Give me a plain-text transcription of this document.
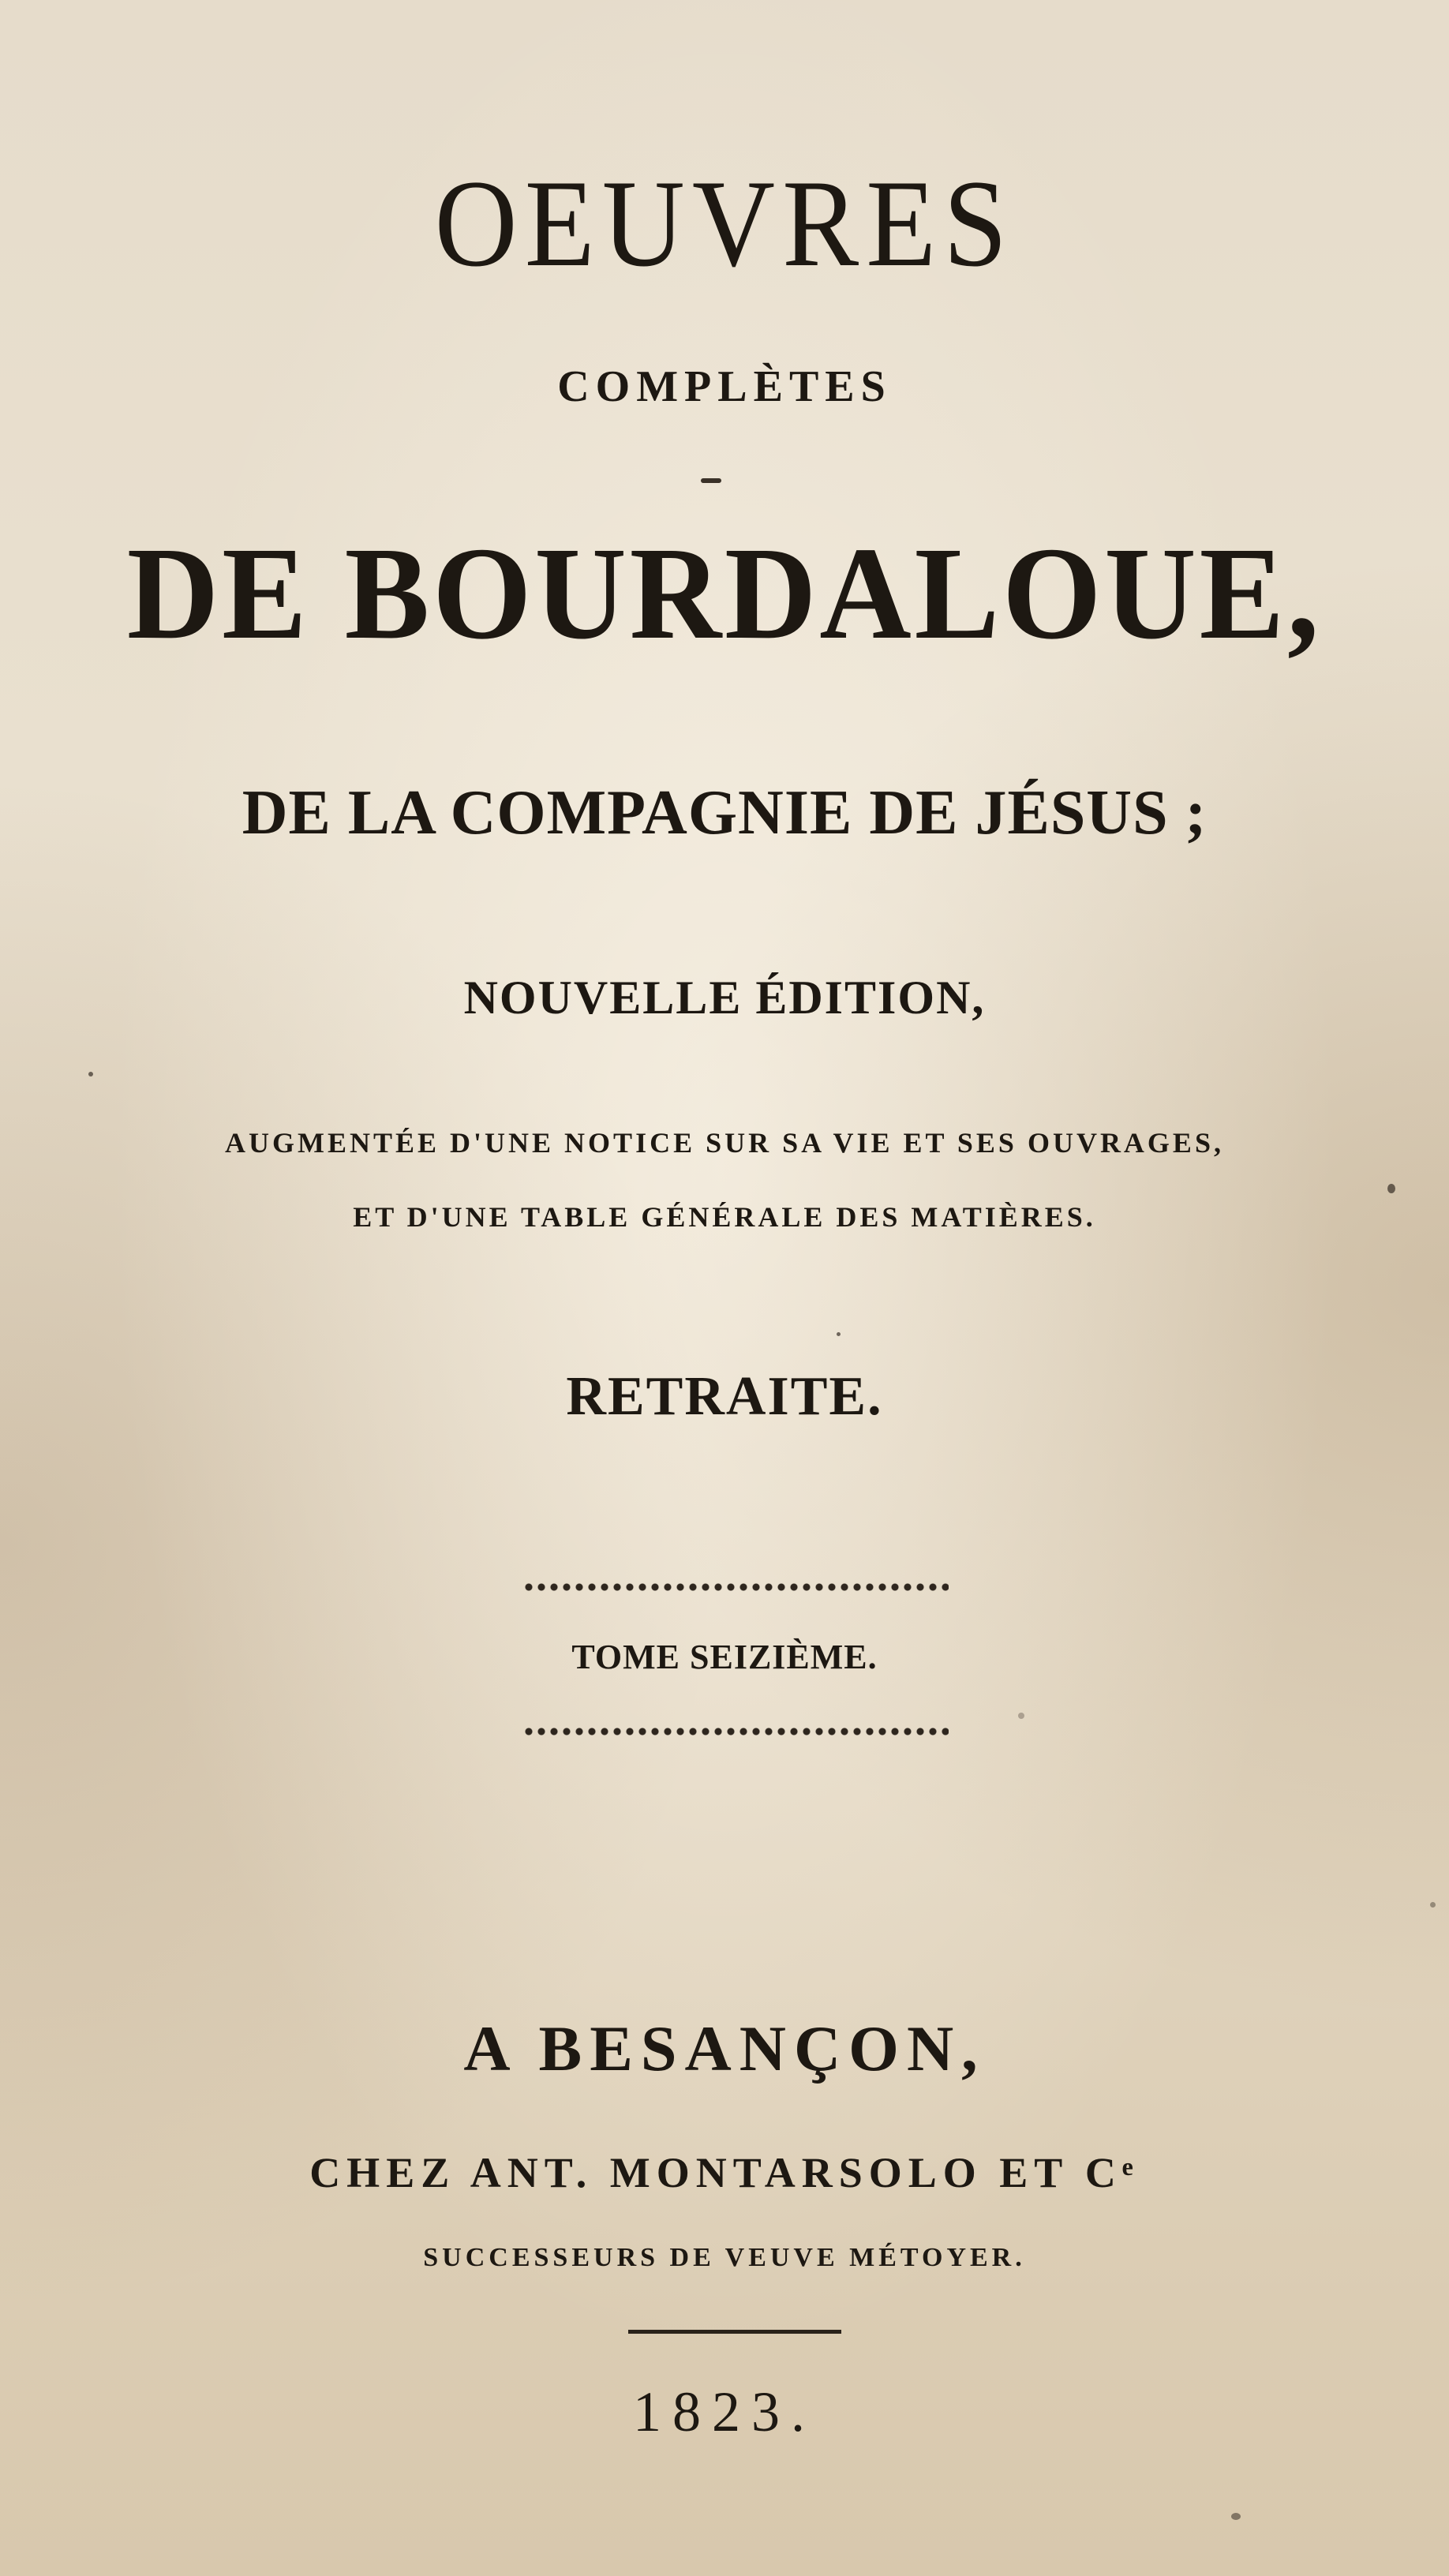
OEUVRES
COMPLÈTES
DE BOURDALOUE,
DE LA COMPAGNIE DE JÉSUS ;
NOUVELLE ÉDITION,
AUGMENTÉE D'UNE NOTICE SUR SA VIE ET SES OUVRAGES,
ET D'UNE TABLE GÉNÉRALE DES MATIÈRES.
RETRAITE.
TOME SEIZIÈME.
A BESANÇON,
CHEZ ANT. MONTARSOLO ET Cᵉ
SUCCESSEURS DE VEUVE MÉTOYER.
1823.
